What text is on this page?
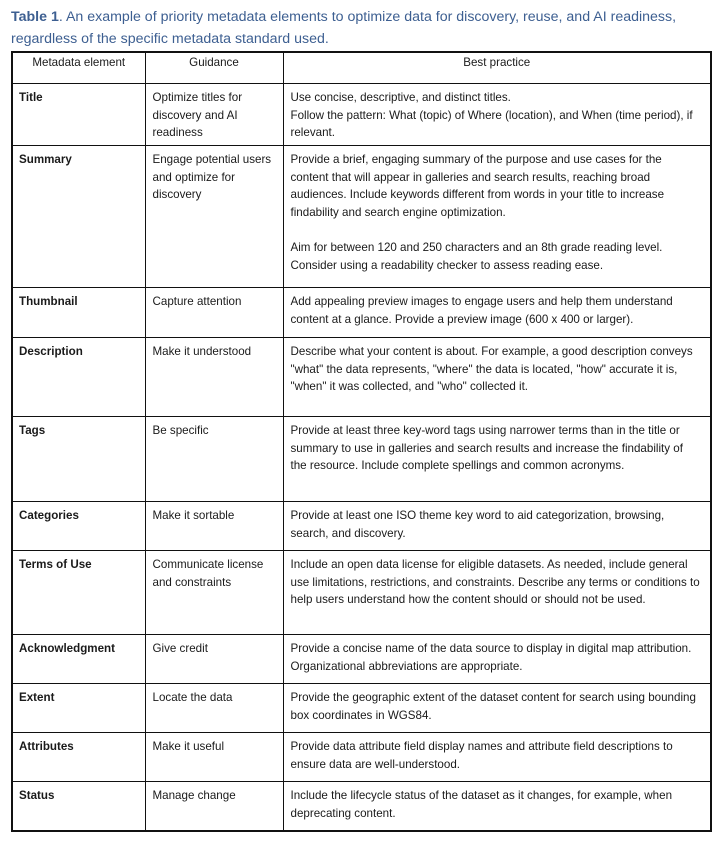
Table 1. An example of priority metadata elements to optimize data for discovery, reuse, and AI readiness, regardless of the specific metadata standard used.
Metadata element	Guidance	Best practice
Title	Optimize titles for discovery and AI readiness	Use concise, descriptive, and distinct titles.
Follow the pattern: What (topic) of Where (location), and When (time period), if relevant.

Summary	Engage potential users and optimize for discovery	Provide a brief, engaging summary of the purpose and use cases for the content that will appear in galleries and search results, reaching broad audiences. Include keywords different from words in your title to increase findability and search engine optimization.
Aim for between 120 and 250 characters and an 8th grade reading level. Consider using a readability checker to assess reading ease.

Thumbnail	Capture attention	Add appealing preview images to engage users and help them understand content at a glance. Provide a preview image (600 x 400 or larger).
Description	Make it understood	Describe what your content is about. For example, a good description conveys "what" the data represents, "where" the data is located, "how" accurate it is, "when" it was collected, and "who" collected it.
Tags	Be specific	Provide at least three key-word tags using narrower terms than in the title or summary to use in galleries and search results and increase the findability of the resource. Include complete spellings and common acronyms.
Categories	Make it sortable	Provide at least one ISO theme key word to aid categorization, browsing, search, and discovery.
Terms of Use	Communicate license and constraints	Include an open data license for eligible datasets. As needed, include general use limitations, restrictions, and constraints. Describe any terms or conditions to help users understand how the content should or should not be used.
Acknowledgment	Give credit	Provide a concise name of the data source to display in digital map attribution. Organizational abbreviations are appropriate.
Extent	Locate the data	Provide the geographic extent of the dataset content for search using bounding box coordinates in WGS84.
Attributes	Make it useful	Provide data attribute field display names and attribute field descriptions to ensure data are well-understood.
Status	Manage change	Include the lifecycle status of the dataset as it changes, for example, when deprecating content.
